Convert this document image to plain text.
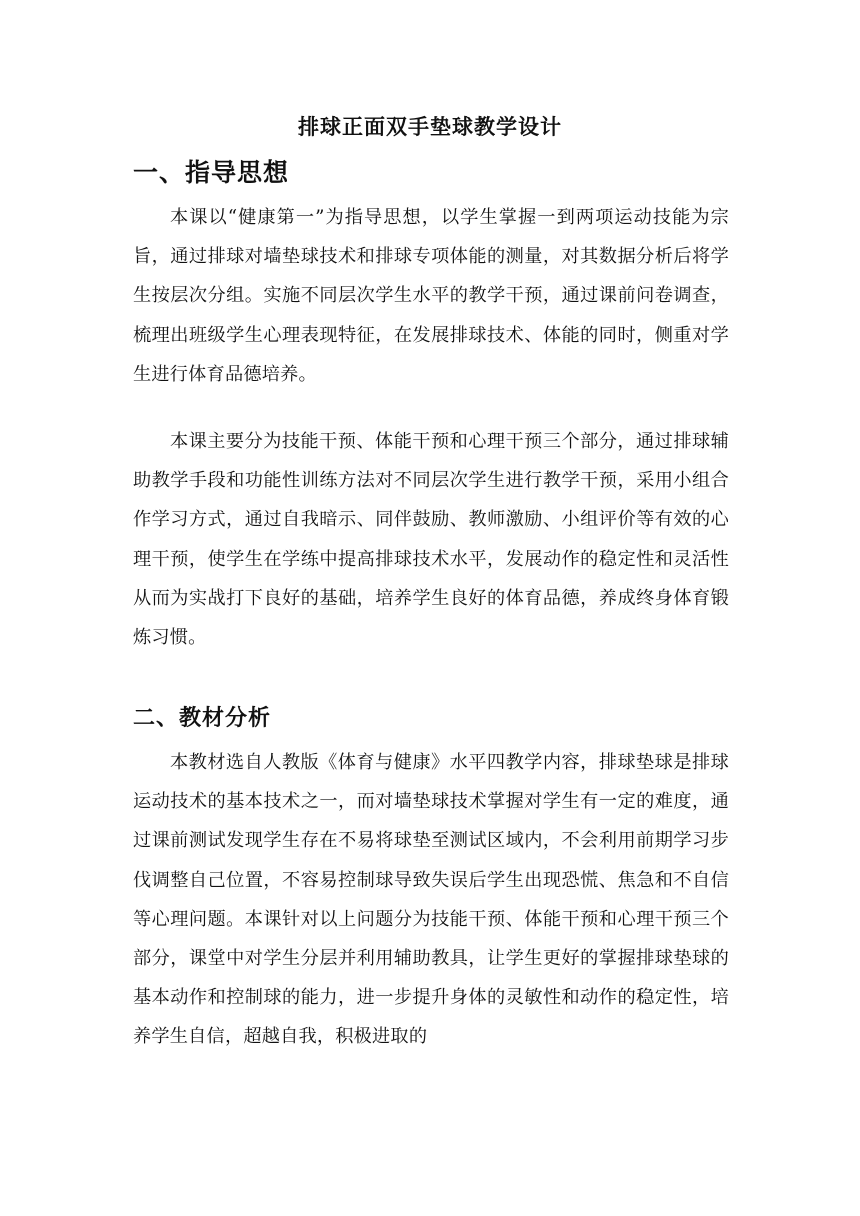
排球正面双手垫球教学设计
一、指导思想

本课以“健康第一”为指导思想，以学生掌握一到两项运动技能为宗旨，通过排球对墙垫球技术和排球专项体能的测量，对其数据分析后将学生按层次分组。实施不同层次学生水平的教学干预，通过课前问卷调查，梳理出班级学生心理表现特征，在发展排球技术、体能的同时，侧重对学生进行体育品德培养。

本课主要分为技能干预、体能干预和心理干预三个部分，通过排球辅助教学手段和功能性训练方法对不同层次学生进行教学干预，采用小组合作学习方式，通过自我暗示、同伴鼓励、教师激励、小组评价等有效的心理干预，使学生在学练中提高排球技术水平，发展动作的稳定性和灵活性从而为实战打下良好的基础，培养学生良好的体育品德，养成终身体育锻炼习惯。

二、教材分析

本教材选自人教版《体育与健康》水平四教学内容，排球垫球是排球运动技术的基本技术之一，而对墙垫球技术掌握对学生有一定的难度，通过课前测试发现学生存在不易将球垫至测试区域内，不会利用前期学习步伐调整自己位置，不容易控制球导致失误后学生出现恐慌、焦急和不自信等心理问题。本课针对以上问题分为技能干预、体能干预和心理干预三个部分，课堂中对学生分层并利用辅助教具，让学生更好的掌握排球垫球的基本动作和控制球的能力，进一步提升身体的灵敏性和动作的稳定性，培养学生自信，超越自我，积极进取的
